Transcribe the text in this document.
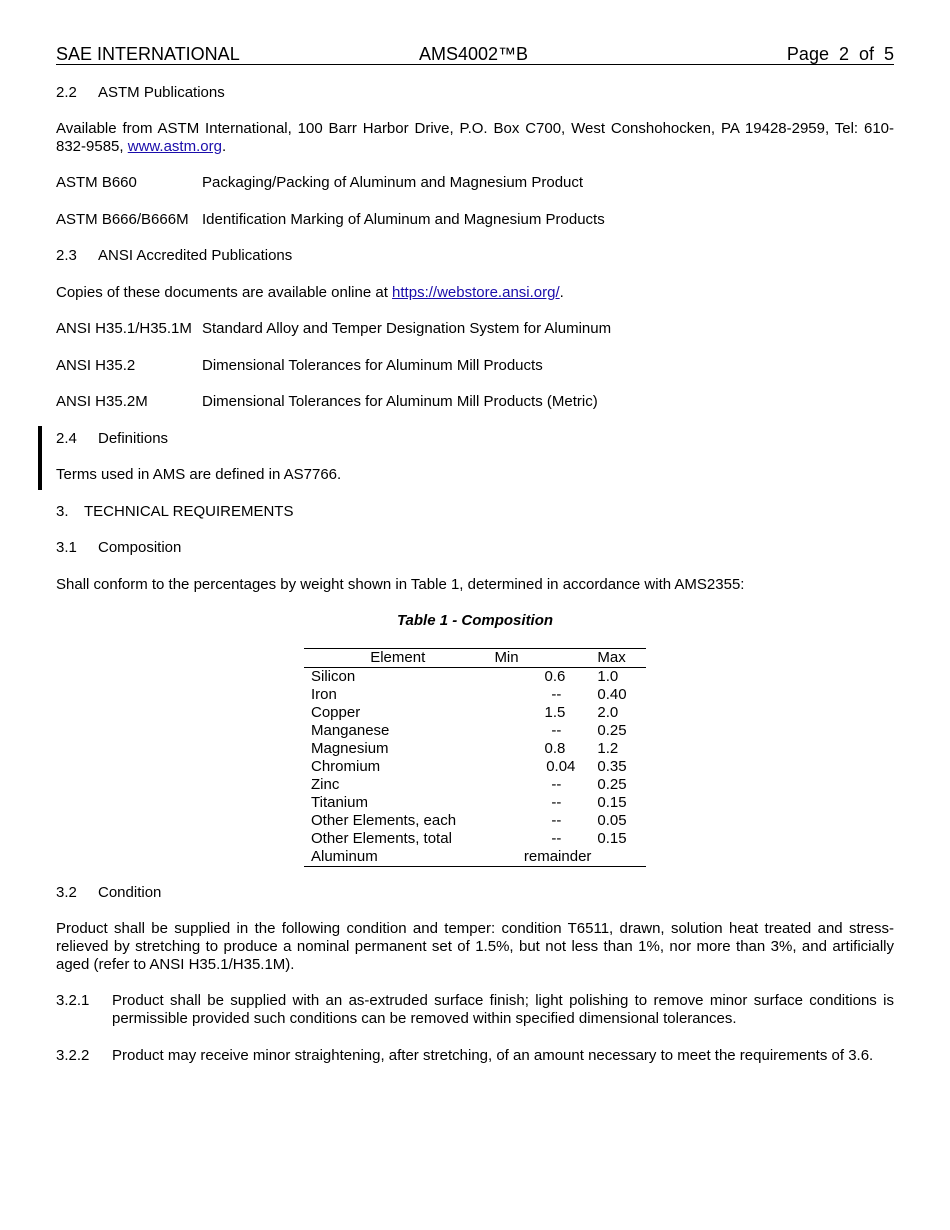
SAE INTERNATIONAL	AMS4002™B	Page  2  of  5
2.2 ASTM Publications
Available from ASTM International, 100 Barr Harbor Drive, P.O. Box C700, West Conshohocken, PA 19428-2959, Tel: 610-832-9585, www.astm.org.
ASTM B660	Packaging/Packing of Aluminum and Magnesium Product
ASTM B666/B666M Identification Marking of Aluminum and Magnesium Products
2.3 ANSI Accredited Publications
Copies of these documents are available online at https://webstore.ansi.org/.
ANSI H35.1/H35.1M Standard Alloy and Temper Designation System for Aluminum
ANSI H35.2	Dimensional Tolerances for Aluminum Mill Products
ANSI H35.2M	Dimensional Tolerances for Aluminum Mill Products (Metric)
2.4 Definitions
Terms used in AMS are defined in AS7766.
3. TECHNICAL REQUIREMENTS
3.1 Composition
Shall conform to the percentages by weight shown in Table 1, determined in accordance with AMS2355:
Table 1 - Composition
Element	Min	Max
Silicon	0.6	1.0
Iron	--	0.40
Copper	1.5	2.0
Manganese	--	0.25
Magnesium	0.8	1.2
Chromium	0.04	0.35
Zinc	--	0.25
Titanium	--	0.15
Other Elements, each	--	0.05
Other Elements, total	--	0.15
Aluminum	remainder	
3.2 Condition
Product shall be supplied in the following condition and temper: condition T6511, drawn, solution heat treated and stress-relieved by stretching to produce a nominal permanent set of 1.5%, but not less than 1%, nor more than 3%, and artificially aged (refer to ANSI H35.1/H35.1M).
3.2.1 Product shall be supplied with an as-extruded surface finish; light polishing to remove minor surface conditions is permissible provided such conditions can be removed within specified dimensional tolerances.
3.2.2 Product may receive minor straightening, after stretching, of an amount necessary to meet the requirements of 3.6.
